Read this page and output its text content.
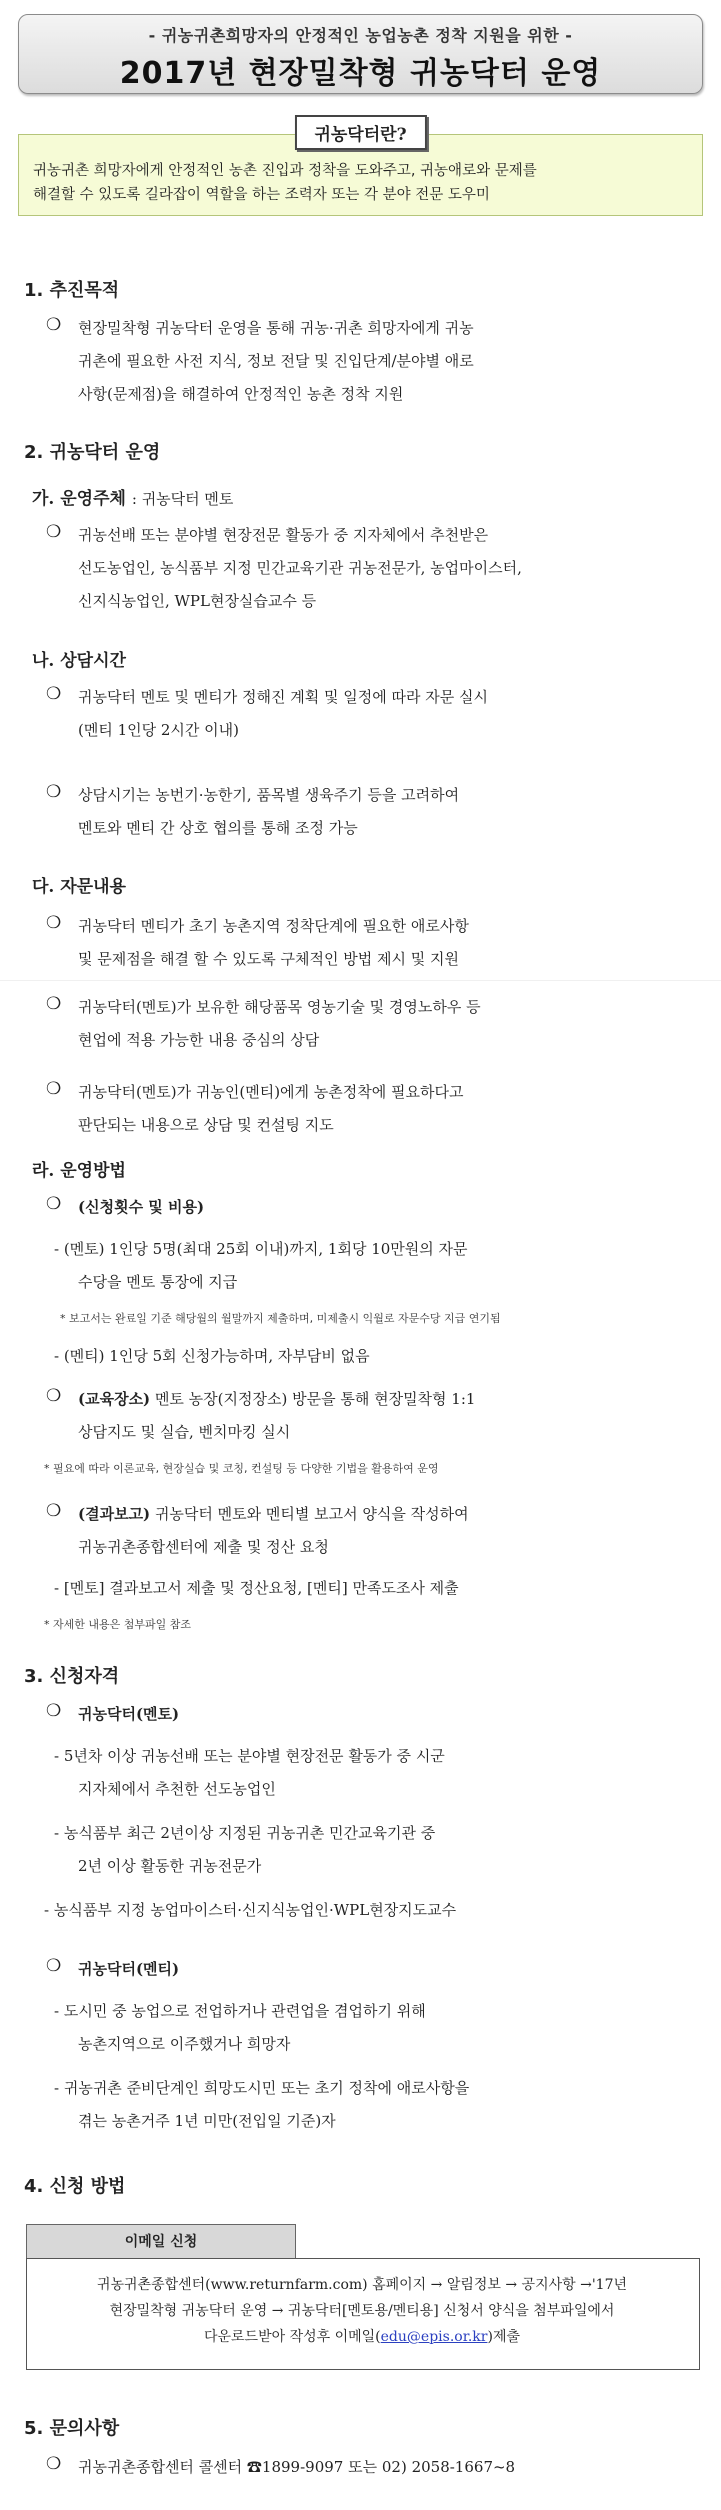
- 귀농귀촌희망자의 안정적인 농업농촌 정착 지원을 위한 -
2017년 현장밀착형 귀농닥터 운영
귀농닥터란?
귀농귀촌 희망자에게 안정적인 농촌 진입과 정착을 도와주고, 귀농애로와 문제를
해결할 수 있도록 길라잡이 역할을 하는 조력자 또는 각 분야 전문 도우미
1. 추진목적
❍ 현장밀착형 귀농닥터 운영을 통해 귀농·귀촌 희망자에게 귀농
귀촌에 필요한 사전 지식, 정보 전달 및 진입단계/분야별 애로
사항(문제점)을 해결하여 안정적인 농촌 정착 지원
2. 귀농닥터 운영
가. 운영주체 : 귀농닥터 멘토
❍ 귀농선배 또는 분야별 현장전문 활동가 중 지자체에서 추천받은
선도농업인, 농식품부 지정 민간교육기관 귀농전문가, 농업마이스터,
신지식농업인, WPL현장실습교수 등
나. 상담시간
❍ 귀농닥터 멘토 및 멘티가 정해진 계획 및 일정에 따라 자문 실시
(멘티 1인당 2시간 이내)
❍ 상담시기는 농번기·농한기, 품목별 생육주기 등을 고려하여
멘토와 멘티 간 상호 협의를 통해 조정 가능
다. 자문내용
❍ 귀농닥터 멘티가 초기 농촌지역 정착단계에 필요한 애로사항
및 문제점을 해결 할 수 있도록 구체적인 방법 제시 및 지원
❍ 귀농닥터(멘토)가 보유한 해당품목 영농기술 및 경영노하우 등
현업에 적용 가능한 내용 중심의 상담
❍ 귀농닥터(멘토)가 귀농인(멘티)에게 농촌정착에 필요하다고
판단되는 내용으로 상담 및 컨설팅 지도
라. 운영방법
❍ (신청횟수 및 비용)
- (멘토) 1인당 5명(최대 25회 이내)까지, 1회당 10만원의 자문
수당을 멘토 통장에 지급
* 보고서는 완료일 기준 해당월의 월말까지 제출하며, 미제출시 익월로 자문수당 지급 연기됨
- (멘티) 1인당 5회 신청가능하며, 자부담비 없음
❍ (교육장소) 멘토 농장(지정장소) 방문을 통해 현장밀착형 1:1
상담지도 및 실습, 벤치마킹 실시
* 필요에 따라 이론교육, 현장실습 및 코칭, 컨설팅 등 다양한 기법을 활용하여 운영
❍ (결과보고) 귀농닥터 멘토와 멘티별 보고서 양식을 작성하여
귀농귀촌종합센터에 제출 및 정산 요청
- [멘토] 결과보고서 제출 및 정산요청, [멘티] 만족도조사 제출
* 자세한 내용은 첨부파일 참조
3. 신청자격
❍ 귀농닥터(멘토)
- 5년차 이상 귀농선배 또는 분야별 현장전문 활동가 중 시군
지자체에서 추천한 선도농업인
- 농식품부 최근 2년이상 지정된 귀농귀촌 민간교육기관 중
2년 이상 활동한 귀농전문가
- 농식품부 지정 농업마이스터·신지식농업인·WPL현장지도교수
❍ 귀농닥터(멘티)
- 도시민 중 농업으로 전업하거나 관련업을 겸업하기 위해
농촌지역으로 이주했거나 희망자
- 귀농귀촌 준비단계인 희망도시민 또는 초기 정착에 애로사항을
겪는 농촌거주 1년 미만(전입일 기준)자
4. 신청 방법
이메일 신청
귀농귀촌종합센터(www.returnfarm.com) 홈페이지 → 알림정보 → 공지사항 →'17년
현장밀착형 귀농닥터 운영 → 귀농닥터[멘토용/멘티용] 신청서 양식을 첨부파일에서
다운로드받아 작성후 이메일(edu@epis.or.kr)제출
5. 문의사항
❍ 귀농귀촌종합센터 콜센터 ☎1899-9097 또는 02) 2058-1667~8
